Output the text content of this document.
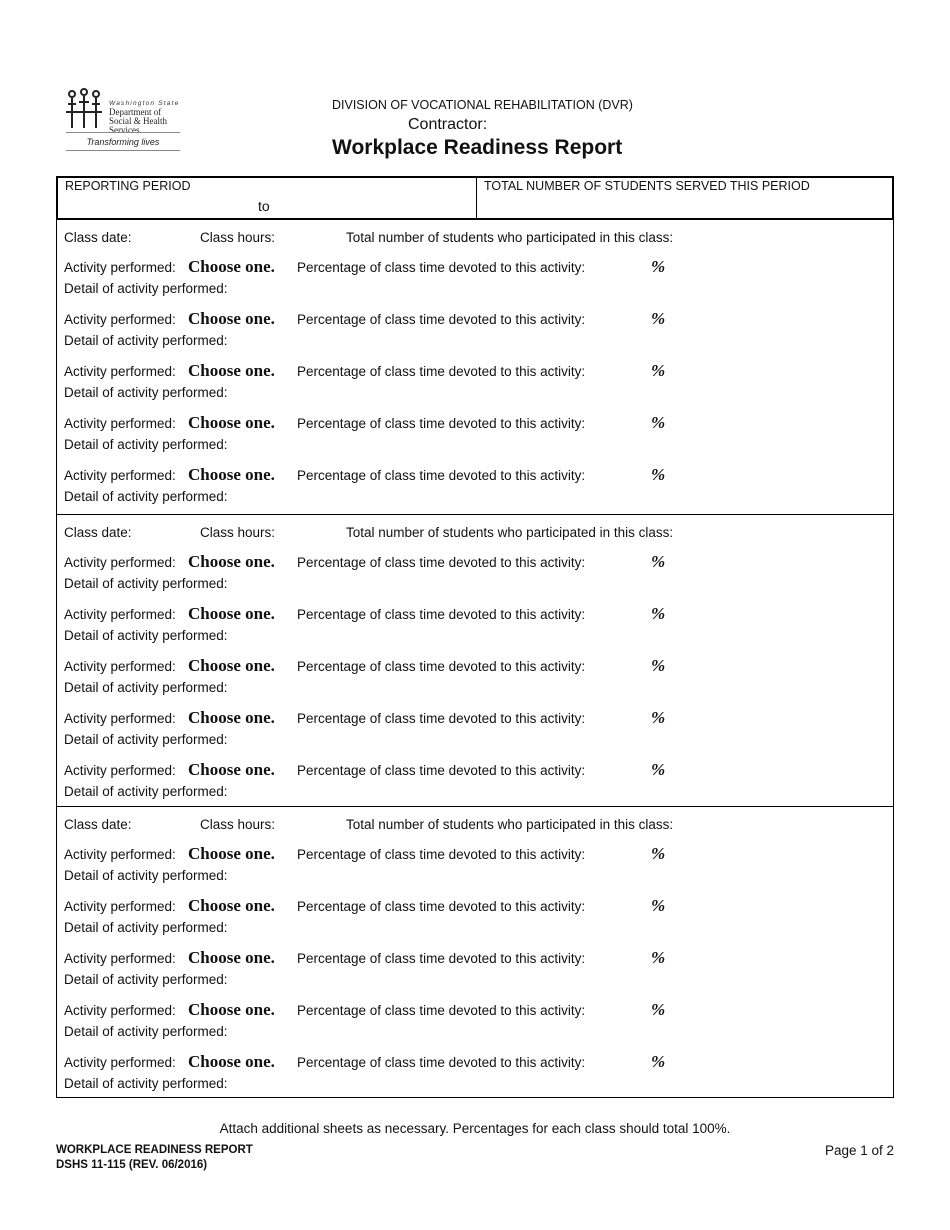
Washington State
Department of Social & Health Services
Transforming lives
DIVISION OF VOCATIONAL REHABILITATION (DVR)
Contractor:
Workplace Readiness Report
REPORTING PERIOD
to
TOTAL NUMBER OF STUDENTS SERVED THIS PERIOD
Class date:	Class hours:	Total number of students who participated in this class:
Activity performed: Choose one. Percentage of class time devoted to this activity:	%
Detail of activity performed:
Activity performed: Choose one. Percentage of class time devoted to this activity:	%
Detail of activity performed:
Activity performed: Choose one. Percentage of class time devoted to this activity:	%
Detail of activity performed:
Activity performed: Choose one. Percentage of class time devoted to this activity:	%
Detail of activity performed:
Activity performed: Choose one. Percentage of class time devoted to this activity:	%
Detail of activity performed:
Class date:	Class hours:	Total number of students who participated in this class:
Activity performed: Choose one. Percentage of class time devoted to this activity:	%
Detail of activity performed:
Activity performed: Choose one. Percentage of class time devoted to this activity:	%
Detail of activity performed:
Activity performed: Choose one. Percentage of class time devoted to this activity:	%
Detail of activity performed:
Activity performed: Choose one. Percentage of class time devoted to this activity:	%
Detail of activity performed:
Activity performed: Choose one. Percentage of class time devoted to this activity:	%
Detail of activity performed:
Class date:	Class hours:	Total number of students who participated in this class:
Activity performed: Choose one. Percentage of class time devoted to this activity:	%
Detail of activity performed:
Activity performed: Choose one. Percentage of class time devoted to this activity:	%
Detail of activity performed:
Activity performed: Choose one. Percentage of class time devoted to this activity:	%
Detail of activity performed:
Activity performed: Choose one. Percentage of class time devoted to this activity:	%
Detail of activity performed:
Activity performed: Choose one. Percentage of class time devoted to this activity:	%
Detail of activity performed:
Attach additional sheets as necessary. Percentages for each class should total 100%.
WORKPLACE READINESS REPORT
DSHS 11-115 (REV. 06/2016)
Page 1 of 2
